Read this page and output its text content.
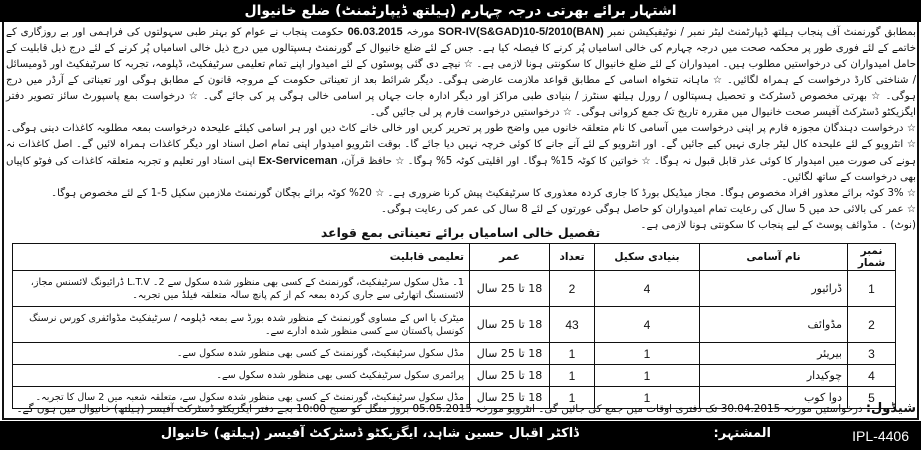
اشتہار برائے بھرتی درجہ چہارم (ہیلتھ ڈیپارٹمنٹ) ضلع خانیوال

بمطابق گورنمنٹ آف پنجاب ہیلتھ ڈیپارٹمنٹ لیٹر نمبر / نوٹیفیکیشن نمبر SOR-IV(S&GAD)10-5/2010(BAN) مورخہ 06.03.2015 حکومت پنجاب نے عوام کو بہتر طبی سہولتوں کی فراہمی اور بے روزگاری کے خاتمے کے لئے فوری طور پر محکمہ صحت میں درجہ چہارم کی خالی اسامیاں پُر کرنے کا فیصلہ کیا ہے۔ جس کے لئے ضلع خانیوال کے گورنمنٹ ہسپتالوں میں درج ذیل خالی اسامیاں پُر کرنے کے لئے درج ذیل قابلیت کے حامل امیدواران کی درخواستیں مطلوب ہیں۔ امیدواران کے لئے ضلع خانیوال کا سکونتی ہونا لازمی ہے۔ ☆ نیچے دی گئی پوسٹوں کے لئے امیدوار اپنے تمام تعلیمی سرٹیفکیٹ، ڈپلومہ، تجربہ کا سرٹیفکیٹ اور ڈومیسائل / شناختی کارڈ درخواست کے ہمراہ لگائیں۔ ☆ ماہانہ تنخواہ اسامی کے مطابق قواعد ملازمت عارضی ہوگی۔ دیگر شرائط بعد از تعیناتی حکومت کے مروجہ قانون کے مطابق ہوگی اور تعیناتی کے آرڈر میں درج ہوگی۔ ☆ بھرتی مخصوص ڈسٹرکٹ و تحصیل ہسپتالوں / رورل ہیلتھ سنٹرز / بنیادی طبی مراکز اور دیگر ادارہ جات جہاں پر اسامی خالی ہوگی پر کی جائے گی۔ ☆ درخواست بمع پاسپورٹ سائز تصویر دفتر ایگزیکٹو ڈسٹرکٹ آفیسر صحت خانیوال میں مقررہ تاریخ تک جمع کروانی ہوگی۔ ☆ درخواستیں درخواست فارم پر لی جائیں گی۔

☆ درخواست دہندگان مجوزہ فارم پر اپنی درخواست میں آسامی کا نام متعلقہ خانوں میں واضح طور پر تحریر کریں اور خالی خانے کاٹ دیں اور ہر اسامی کیلئے علیحدہ درخواست بمعہ مطلوبہ کاغذات دینی ہوگی۔ ☆ انٹرویو کے لئے علیحدہ کال لیٹر جاری نہیں کیے جائیں گے۔ اور انٹرویو کے لئے آنے جانے کا کوئی خرچہ نہیں دیا جائے گا۔ بوقت انٹرویو امیدوار اپنی تمام اصل اسناد اور دیگر کاغذات ہمراہ لائیں گے۔ اصل کاغذات نہ ہونے کی صورت میں امیدوار کا کوئی عذر قابل قبول نہ ہوگا۔ ☆ خواتین کا کوٹہ 15% ہوگا۔ اور اقلیتی کوٹہ 5% ہوگا۔ ☆ حافظ قرآن، Ex-Serviceman اپنی اسناد اور تعلیم و تجربہ متعلقہ کاغذات کی فوٹو کاپیاں بھی درخواست کے ساتھ لگائیں۔

☆ 3% کوٹہ برائے معذور افراد مخصوص ہوگا۔ مجاز میڈیکل بورڈ کا جاری کردہ معذوری کا سرٹیفکیٹ پیش کرنا ضروری ہے۔ ☆ 20% کوٹہ برائے بچگان گورنمنٹ ملازمین سکیل 5-1 کے لئے مخصوص ہوگا۔

☆ عمر کی بالائی حد میں 5 سال کی رعایت تمام امیدواران کو حاصل ہوگی عورتوں کے لئے 8 سال کی عمر کی رعایت ہوگی۔

(نوٹ) ۔ مڈوائف پوسٹ کے لیے پنجاب کا سکونتی ہونا لازمی ہے۔

تفصیل خالی اسامیاں برائے تعیناتی بمع قواعد
نمبر شمار	نام آسامی	بنیادی سکیل	تعداد	عمر	تعلیمی قابلیت
1	ڈرائیور	4	2	18 تا 25 سال	1۔ مڈل سکول سرٹیفکیٹ، گورنمنٹ کے کسی بھی منظور شدہ سکول سے 2۔ L.T.V ڈرائیونگ لائسنس مجاز، لائسنسنگ اتھارٹی سے جاری کردہ بمعہ کم از کم پانچ سالہ متعلقہ فیلڈ میں تجربہ۔
2	مڈوائف	4	43	18 تا 25 سال	میٹرک یا اس کے مساوی گورنمنٹ کے منظور شدہ بورڈ سے بمعہ ڈپلومہ / سرٹیفکیٹ مڈوائفری کورس نرسنگ کونسل پاکستان سے کسی منظور شدہ ادارے سے۔
3	بیریئر	1	1	18 تا 25 سال	مڈل سکول سرٹیفکیٹ، گورنمنٹ کے کسی بھی منظور شدہ سکول سے۔
4	چوکیدار	1	1	18 تا 25 سال	پرائمری سکول سرٹیفکیٹ کسی بھی منظور شدہ سکول سے۔
5	دوا کوب	1	1	18 تا 25 سال	مڈل سکول سرٹیفکیٹ، گورنمنٹ کے کسی بھی منظور شدہ سکول سے، متعلقہ شعبہ میں 2 سال کا تجربہ۔
شیڈول: درخواستیں مورخہ 30.04.2015 تک دفتری اوقات میں جمع کی جائیں گی۔ انٹرویو مورخہ 05.05.2015 بروز منگل کو صبح 10:00 بجے دفتر ایگزیکٹو ڈسٹرکٹ آفیسر (ہیلتھ) خانیوال میں ہوں گے۔
المشتہر: ڈاکٹر اقبال حسین شاہد، ایگزیکٹو ڈسٹرکٹ آفیسر (ہیلتھ) خانیوال	IPL-4406
